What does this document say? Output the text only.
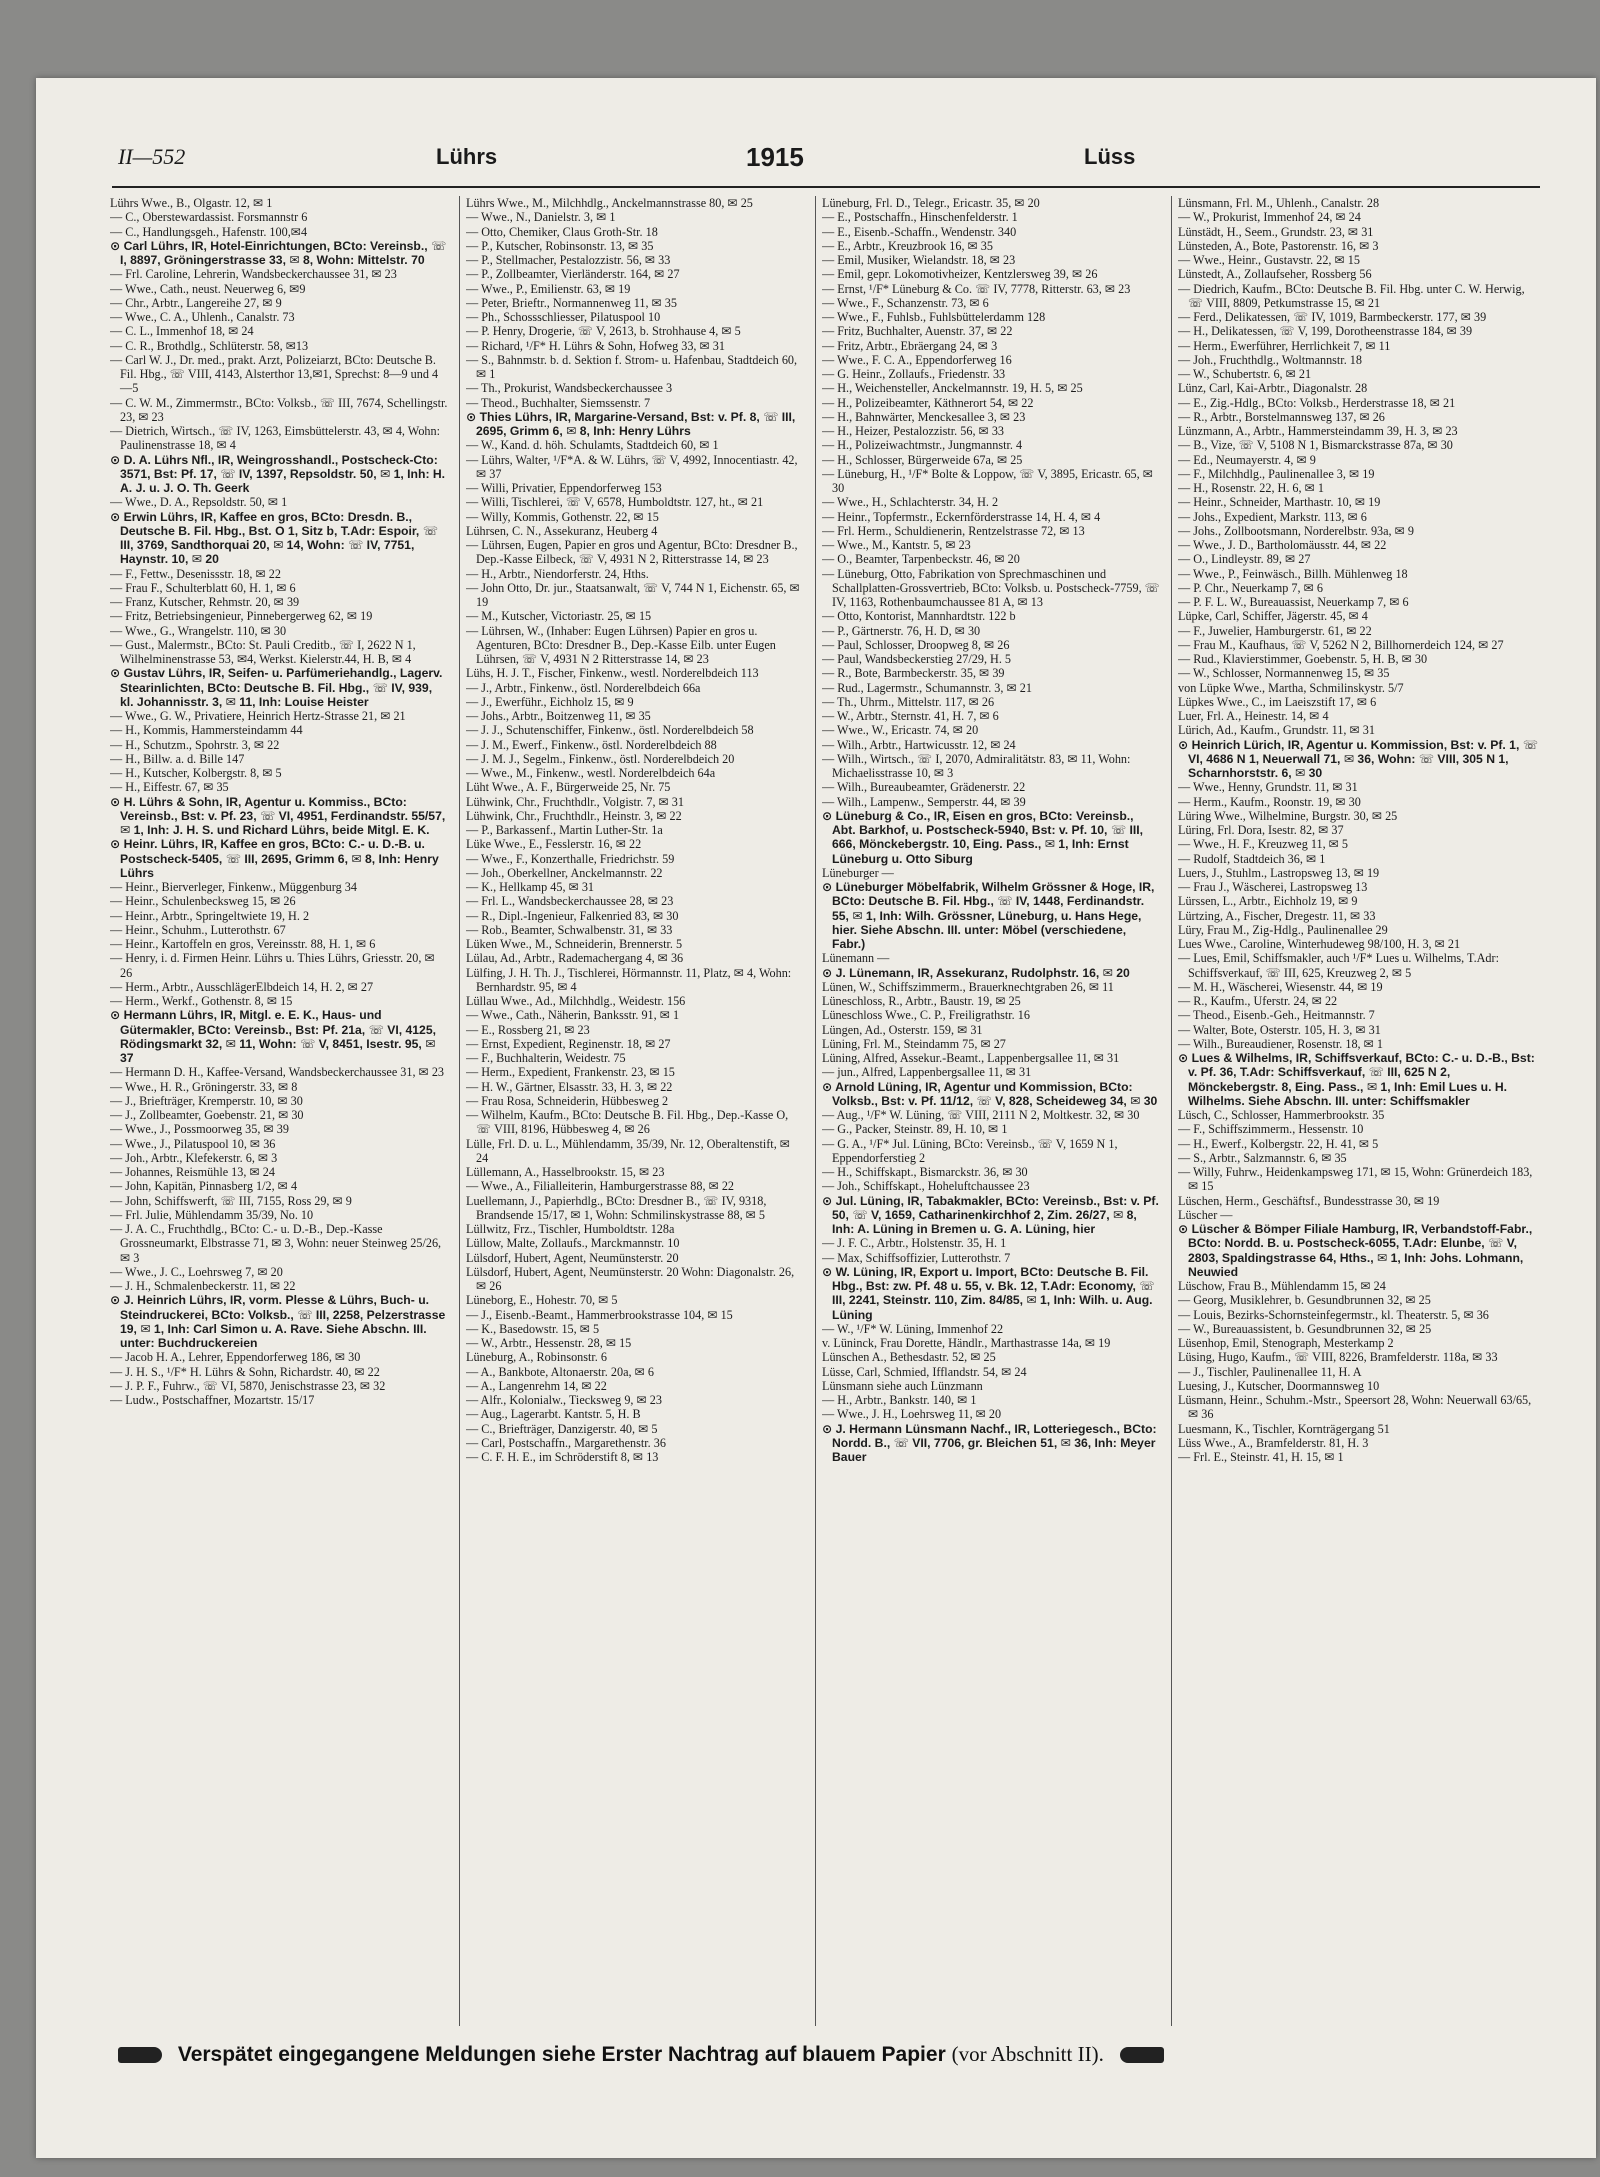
II—552	Lührs	1915	Lüss

Lührs Wwe., B., Olgastr. 12, ✉ 1

— C., Oberstewardassist. Forsmannstr 6

— C., Handlungsgeh., Hafenstr. 100,✉4

⊙ Carl Lührs, IR, Hotel-Einrichtungen, BCto: Vereinsb., ☏ I, 8897, Gröningerstrasse 33, ✉ 8, Wohn: Mittelstr. 70

— Frl. Caroline, Lehrerin, Wandsbeckerchaussee 31, ✉ 23

— Wwe., Cath., neust. Neuerweg 6, ✉9

— Chr., Arbtr., Langereihe 27, ✉ 9

— Wwe., C. A., Uhlenh., Canalstr. 73

— C. L., Immenhof 18, ✉ 24

— C. R., Brothdlg., Schlüterstr. 58, ✉13

— Carl W. J., Dr. med., prakt. Arzt, Polizeiarzt, BCto: Deutsche B. Fil. Hbg., ☏ VIII, 4143, Alsterthor 13,✉1, Sprechst: 8—9 und 4—5

— C. W. M., Zimmermstr., BCto: Volksb., ☏ III, 7674, Schellingstr. 23, ✉ 23

— Dietrich, Wirtsch., ☏ IV, 1263, Eimsbüttelerstr. 43, ✉ 4, Wohn: Paulinenstrasse 18, ✉ 4

⊙ D. A. Lührs Nfl., IR, Weingrosshandl., Postscheck-Cto: 3571, Bst: Pf. 17, ☏ IV, 1397, Repsoldstr. 50, ✉ 1, Inh: H. A. J. u. J. O. Th. Geerk

— Wwe., D. A., Repsoldstr. 50, ✉ 1

⊙ Erwin Lührs, IR, Kaffee en gros, BCto: Dresdn. B., Deutsche B. Fil. Hbg., Bst. O 1, Sitz b, T.Adr: Espoir, ☏ III, 3769, Sandthorquai 20, ✉ 14, Wohn: ☏ IV, 7751, Haynstr. 10, ✉ 20

— F., Fettw., Desenissstr. 18, ✉ 22

— Frau F., Schulterblatt 60, H. 1, ✉ 6

— Franz, Kutscher, Rehmstr. 20, ✉ 39

— Fritz, Betriebsingenieur, Pinnebergerweg 62, ✉ 19

— Wwe., G., Wrangelstr. 110, ✉ 30

— Gust., Malermstr., BCto: St. Pauli Creditb., ☏ I, 2622 N 1, Wilhelminenstrasse 53, ✉4, Werkst. Kielerstr.44, H. B, ✉ 4

⊙ Gustav Lührs, IR, Seifen- u. Parfümeriehandlg., Lagerv. Stearinlichten, BCto: Deutsche B. Fil. Hbg., ☏ IV, 939, kl. Johannisstr. 3, ✉ 11, Inh: Louise Heister

— Wwe., G. W., Privatiere, Heinrich Hertz-Strasse 21, ✉ 21

— H., Kommis, Hammersteindamm 44

— H., Schutzm., Spohrstr. 3, ✉ 22

— H., Billw. a. d. Bille 147

— H., Kutscher, Kolbergstr. 8, ✉ 5

— H., Eiffestr. 67, ✉ 35

⊙ H. Lührs & Sohn, IR, Agentur u. Kommiss., BCto: Vereinsb., Bst: v. Pf. 23, ☏ VI, 4951, Ferdinandstr. 55/57, ✉ 1, Inh: J. H. S. und Richard Lührs, beide Mitgl. E. K.

⊙ Heinr. Lührs, IR, Kaffee en gros, BCto: C.- u. D.-B. u. Postscheck-5405, ☏ III, 2695, Grimm 6, ✉ 8, Inh: Henry Lührs

— Heinr., Bierverleger, Finkenw., Müggenburg 34

— Heinr., Schulenbecksweg 15, ✉ 26

— Heinr., Arbtr., Springeltwiete 19, H. 2

— Heinr., Schuhm., Lutterothstr. 67

— Heinr., Kartoffeln en gros, Vereinsstr. 88, H. 1, ✉ 6

— Henry, i. d. Firmen Heinr. Lührs u. Thies Lührs, Griesstr. 20, ✉ 26

— Herm., Arbtr., AusschlägerElbdeich 14, H. 2, ✉ 27

— Herm., Werkf., Gothenstr. 8, ✉ 15

⊙ Hermann Lührs, IR, Mitgl. e. E. K., Haus- und Gütermakler, BCto: Vereinsb., Bst: Pf. 21a, ☏ VI, 4125, Rödingsmarkt 32, ✉ 11, Wohn: ☏ V, 8451, Isestr. 95, ✉ 37

— Hermann D. H., Kaffee-Versand, Wandsbeckerchaussee 31, ✉ 23

— Wwe., H. R., Gröningerstr. 33, ✉ 8

— J., Briefträger, Kremperstr. 10, ✉ 30

— J., Zollbeamter, Goebenstr. 21, ✉ 30

— Wwe., J., Possmoorweg 35, ✉ 39

— Wwe., J., Pilatuspool 10, ✉ 36

— Joh., Arbtr., Klefekerstr. 6, ✉ 3

— Johannes, Reismühle 13, ✉ 24

— John, Kapitän, Pinnasberg 1/2, ✉ 4

— John, Schiffswerft, ☏ III, 7155, Ross 29, ✉ 9

— Frl. Julie, Mühlendamm 35/39, No. 10

— J. A. C., Fruchthdlg., BCto: C.- u. D.-B., Dep.-Kasse Grossneumarkt, Elbstrasse 71, ✉ 3, Wohn: neuer Steinweg 25/26, ✉ 3

— Wwe., J. C., Loehrsweg 7, ✉ 20

— J. H., Schmalenbeckerstr. 11, ✉ 22

⊙ J. Heinrich Lührs, IR, vorm. Plesse & Lührs, Buch- u. Steindruckerei, BCto: Volksb., ☏ III, 2258, Pelzerstrasse 19, ✉ 1, Inh: Carl Simon u. A. Rave. Siehe Abschn. III. unter: Buchdruckereien

— Jacob H. A., Lehrer, Eppendorferweg 186, ✉ 30

— J. H. S., ¹/F* H. Lührs & Sohn, Richardstr. 40, ✉ 22

— J. P. F., Fuhrw., ☏ VI, 5870, Jenischstrasse 23, ✉ 32

— Ludw., Postschaffner, Mozartstr. 15/17

Lührs Wwe., M., Milchhdlg., Anckelmannstrasse 80, ✉ 25

— Wwe., N., Danielstr. 3, ✉ 1

— Otto, Chemiker, Claus Groth-Str. 18

— P., Kutscher, Robinsonstr. 13, ✉ 35

— P., Stellmacher, Pestalozzistr. 56, ✉ 33

— P., Zollbeamter, Vierländerstr. 164, ✉ 27

— Wwe., P., Emilienstr. 63, ✉ 19

— Peter, Brieftr., Normannenweg 11, ✉ 35

— Ph., Schossschliesser, Pilatuspool 10

— P. Henry, Drogerie, ☏ V, 2613, b. Strohhause 4, ✉ 5

— Richard, ¹/F* H. Lührs & Sohn, Hofweg 33, ✉ 31

— S., Bahnmstr. b. d. Sektion f. Strom- u. Hafenbau, Stadtdeich 60, ✉ 1

— Th., Prokurist, Wandsbeckerchaussee 3

— Theod., Buchhalter, Siemssenstr. 7

⊙ Thies Lührs, IR, Margarine-Versand, Bst: v. Pf. 8, ☏ III, 2695, Grimm 6, ✉ 8, Inh: Henry Lührs

— W., Kand. d. höh. Schulamts, Stadtdeich 60, ✉ 1

— Lührs, Walter, ¹/F*A. & W. Lührs, ☏ V, 4992, Innocentiastr. 42, ✉ 37

— Willi, Privatier, Eppendorferweg 153

— Willi, Tischlerei, ☏ V, 6578, Humboldtstr. 127, ht., ✉ 21

— Willy, Kommis, Gothenstr. 22, ✉ 15

Lührsen, C. N., Assekuranz, Heuberg 4

— Lührsen, Eugen, Papier en gros und Agentur, BCto: Dresdner B., Dep.-Kasse Eilbeck, ☏ V, 4931 N 2, Ritterstrasse 14, ✉ 23

— H., Arbtr., Niendorferstr. 24, Hths.

— John Otto, Dr. jur., Staatsanwalt, ☏ V, 744 N 1, Eichenstr. 65, ✉ 19

— M., Kutscher, Victoriastr. 25, ✉ 15

— Lührsen, W., (Inhaber: Eugen Lührsen) Papier en gros u. Agenturen, BCto: Dresdner B., Dep.-Kasse Eilb. unter Eugen Lührsen, ☏ V, 4931 N 2 Ritterstrasse 14, ✉ 23

Lühs, H. J. T., Fischer, Finkenw., westl. Norderelbdeich 113

— J., Arbtr., Finkenw., östl. Norderelbdeich 66a

— J., Ewerführ., Eichholz 15, ✉ 9

— Johs., Arbtr., Boitzenweg 11, ✉ 35

— J. J., Schutenschiffer, Finkenw., östl. Norderelbdeich 58

— J. M., Ewerf., Finkenw., östl. Norderelbdeich 88

— J. M. J., Segelm., Finkenw., östl. Norderelbdeich 20

— Wwe., M., Finkenw., westl. Norderelbdeich 64a

Lüht Wwe., A. F., Bürgerweide 25, Nr. 75

Lühwink, Chr., Fruchthdlr., Volgistr. 7, ✉ 31

Lühwink, Chr., Fruchthdlr., Heinstr. 3, ✉ 22

— P., Barkassenf., Martin Luther-Str. 1a

Lüke Wwe., E., Fesslerstr. 16, ✉ 22

— Wwe., F., Konzerthalle, Friedrichstr. 59

— Joh., Oberkellner, Anckelmannstr. 22

— K., Hellkamp 45, ✉ 31

— Frl. L., Wandsbeckerchaussee 28, ✉ 23

— R., Dipl.-Ingenieur, Falkenried 83, ✉ 30

— Rob., Beamter, Schwalbenstr. 31, ✉ 33

Lüken Wwe., M., Schneiderin, Brennerstr. 5

Lülau, Ad., Arbtr., Rademachergang 4, ✉ 36

Lülfing, J. H. Th. J., Tischlerei, Hörmannstr. 11, Platz, ✉ 4, Wohn: Bernhardstr. 95, ✉ 4

Lüllau Wwe., Ad., Milchhdlg., Weidestr. 156

— Wwe., Cath., Näherin, Banksstr. 91, ✉ 1

— E., Rossberg 21, ✉ 23

— Ernst, Expedient, Reginenstr. 18, ✉ 27

— F., Buchhalterin, Weidestr. 75

— Herm., Expedient, Frankenstr. 23, ✉ 15

— H. W., Gärtner, Elsasstr. 33, H. 3, ✉ 22

— Frau Rosa, Schneiderin, Hübbesweg 2

— Wilhelm, Kaufm., BCto: Deutsche B. Fil. Hbg., Dep.-Kasse O, ☏ VIII, 8196, Hübbesweg 4, ✉ 26

Lülle, Frl. D. u. L., Mühlendamm, 35/39, Nr. 12, Oberaltenstift, ✉ 24

Lüllemann, A., Hasselbrookstr. 15, ✉ 23

— Wwe., A., Filialleiterin, Hamburgerstrasse 88, ✉ 22

Luellemann, J., Papierhdlg., BCto: Dresdner B., ☏ IV, 9318, Brandsende 15/17, ✉ 1, Wohn: Schmilinskystrasse 88, ✉ 5

Lüllwitz, Frz., Tischler, Humboldtstr. 128a

Lüllow, Malte, Zollaufs., Marckmannstr. 10

Lülsdorf, Hubert, Agent, Neumünsterstr. 20

Lülsdorf, Hubert, Agent, Neumünsterstr. 20 Wohn: Diagonalstr. 26, ✉ 26

Lüneborg, E., Hohestr. 70, ✉ 5

— J., Eisenb.-Beamt., Hammerbrookstrasse 104, ✉ 15

— K., Basedowstr. 15, ✉ 5

— W., Arbtr., Hessenstr. 28, ✉ 15

Lüneburg, A., Robinsonstr. 6

— A., Bankbote, Altonaerstr. 20a, ✉ 6

— A., Langenrehm 14, ✉ 22

— Alfr., Kolonialw., Tiecksweg 9, ✉ 23

— Aug., Lagerarbt. Kantstr. 5, H. B

— C., Briefträger, Danzigerstr. 40, ✉ 5

— Carl, Postschaffn., Margarethenstr. 36

— C. F. H. E., im Schröderstift 8, ✉ 13

Lüneburg, Frl. D., Telegr., Ericastr. 35, ✉ 20

— E., Postschaffn., Hinschenfelderstr. 1

— E., Eisenb.-Schaffn., Wendenstr. 340

— E., Arbtr., Kreuzbrook 16, ✉ 35

— Emil, Musiker, Wielandstr. 18, ✉ 23

— Emil, gepr. Lokomotivheizer, Kentzlersweg 39, ✉ 26

— Ernst, ¹/F* Lüneburg & Co. ☏ IV, 7778, Ritterstr. 63, ✉ 23

— Wwe., F., Schanzenstr. 73, ✉ 6

— Wwe., F., Fuhlsb., Fuhlsbüttelerdamm 128

— Fritz, Buchhalter, Auenstr. 37, ✉ 22

— Fritz, Arbtr., Ebräergang 24, ✉ 3

— Wwe., F. C. A., Eppendorferweg 16

— G. Heinr., Zollaufs., Friedenstr. 33

— H., Weichensteller, Anckelmannstr. 19, H. 5, ✉ 25

— H., Polizeibeamter, Käthnerort 54, ✉ 22

— H., Bahnwärter, Menckesallee 3, ✉ 23

— H., Heizer, Pestalozzistr. 56, ✉ 33

— H., Polizeiwachtmstr., Jungmannstr. 4

— H., Schlosser, Bürgerweide 67a, ✉ 25

— Lüneburg, H., ¹/F* Bolte & Loppow, ☏ V, 3895, Ericastr. 65, ✉ 30

— Wwe., H., Schlachterstr. 34, H. 2

— Heinr., Topfermstr., Eckernförderstrasse 14, H. 4, ✉ 4

— Frl. Herm., Schuldienerin, Rentzelstrasse 72, ✉ 13

— Wwe., M., Kantstr. 5, ✉ 23

— O., Beamter, Tarpenbeckstr. 46, ✉ 20

— Lüneburg, Otto, Fabrikation von Sprechmaschinen und Schallplatten-Grossvertrieb, BCto: Volksb. u. Postscheck-7759, ☏ IV, 1163, Rothenbaumchaussee 81 A, ✉ 13

— Otto, Kontorist, Mannhardtstr. 122 b

— P., Gärtnerstr. 76, H. D, ✉ 30

— Paul, Schlosser, Droopweg 8, ✉ 26

— Paul, Wandsbeckerstieg 27/29, H. 5

— R., Bote, Barmbeckerstr. 35, ✉ 39

— Rud., Lagermstr., Schumannstr. 3, ✉ 21

— Th., Uhrm., Mittelstr. 117, ✉ 26

— W., Arbtr., Sternstr. 41, H. 7, ✉ 6

— Wwe., W., Ericastr. 74, ✉ 20

— Wilh., Arbtr., Hartwicusstr. 12, ✉ 24

— Wilh., Wirtsch., ☏ I, 2070, Admiralitätstr. 83, ✉ 11, Wohn: Michaelisstrasse 10, ✉ 3

— Wilh., Bureaubeamter, Grädenerstr. 22

— Wilh., Lampenw., Semperstr. 44, ✉ 39

⊙ Lüneburg & Co., IR, Eisen en gros, BCto: Vereinsb., Abt. Barkhof, u. Postscheck-5940, Bst: v. Pf. 10, ☏ III, 666, Mönckebergstr. 10, Eing. Pass., ✉ 1, Inh: Ernst Lüneburg u. Otto Siburg

Lüneburger —

⊙ Lüneburger Möbelfabrik, Wilhelm Grössner & Hoge, IR, BCto: Deutsche B. Fil. Hbg., ☏ IV, 1448, Ferdinandstr. 55, ✉ 1, Inh: Wilh. Grössner, Lüneburg, u. Hans Hege, hier. Siehe Abschn. III. unter: Möbel (verschiedene, Fabr.)

Lünemann —

⊙ J. Lünemann, IR, Assekuranz, Rudolphstr. 16, ✉ 20

Lünen, W., Schiffszimmerm., Brauerknechtgraben 26, ✉ 11

Lüneschloss, R., Arbtr., Baustr. 19, ✉ 25

Lüneschloss Wwe., C. P., Freiligrathstr. 16

Lüngen, Ad., Osterstr. 159, ✉ 31

Lüning, Frl. M., Steindamm 75, ✉ 27

Lüning, Alfred, Assekur.-Beamt., Lappenbergsallee 11, ✉ 31

— jun., Alfred, Lappenbergsallee 11, ✉ 31

⊙ Arnold Lüning, IR, Agentur und Kommission, BCto: Volksb., Bst: v. Pf. 11/12, ☏ V, 828, Scheideweg 34, ✉ 30

— Aug., ¹/F* W. Lüning, ☏ VIII, 2111 N 2, Moltkestr. 32, ✉ 30

— G., Packer, Steinstr. 89, H. 10, ✉ 1

— G. A., ¹/F* Jul. Lüning, BCto: Vereinsb., ☏ V, 1659 N 1, Eppendorferstieg 2

— H., Schiffskapt., Bismarckstr. 36, ✉ 30

— Joh., Schiffskapt., Hoheluftchaussee 23

⊙ Jul. Lüning, IR, Tabakmakler, BCto: Vereinsb., Bst: v. Pf. 50, ☏ V, 1659, Catharinenkirchhof 2, Zim. 26/27, ✉ 8, Inh: A. Lüning in Bremen u. G. A. Lüning, hier

— J. F. C., Arbtr., Holstenstr. 35, H. 1

— Max, Schiffsoffizier, Lutterothstr. 7

⊙ W. Lüning, IR, Export u. Import, BCto: Deutsche B. Fil. Hbg., Bst: zw. Pf. 48 u. 55, v. Bk. 12, T.Adr: Economy, ☏ III, 2241, Steinstr. 110, Zim. 84/85, ✉ 1, Inh: Wilh. u. Aug. Lüning

— W., ¹/F* W. Lüning, Immenhof 22

v. Lüninck, Frau Dorette, Händlr., Marthastrasse 14a, ✉ 19

Lünschen A., Bethesdastr. 52, ✉ 25

Lüsse, Carl, Schmied, Ifflandstr. 54, ✉ 24

Lünsmann siehe auch Lünzmann

— H., Arbtr., Bankstr. 140, ✉ 1

— Wwe., J. H., Loehrsweg 11, ✉ 20

⊙ J. Hermann Lünsmann Nachf., IR, Lotteriegesch., BCto: Nordd. B., ☏ VII, 7706, gr. Bleichen 51, ✉ 36, Inh: Meyer Bauer

Lünsmann, Frl. M., Uhlenh., Canalstr. 28

— W., Prokurist, Immenhof 24, ✉ 24

Lünstädt, H., Seem., Grundstr. 23, ✉ 31

Lünsteden, A., Bote, Pastorenstr. 16, ✉ 3

— Wwe., Heinr., Gustavstr. 22, ✉ 15

Lünstedt, A., Zollaufseher, Rossberg 56

— Diedrich, Kaufm., BCto: Deutsche B. Fil. Hbg. unter C. W. Herwig, ☏ VIII, 8809, Petkumstrasse 15, ✉ 21

— Ferd., Delikatessen, ☏ IV, 1019, Barmbeckerstr. 177, ✉ 39

— H., Delikatessen, ☏ V, 199, Dorotheenstrasse 184, ✉ 39

— Herm., Ewerführer, Herrlichkeit 7, ✉ 11

— Joh., Fruchthdlg., Woltmannstr. 18

— W., Schubertstr. 6, ✉ 21

Lünz, Carl, Kai-Arbtr., Diagonalstr. 28

— E., Zig.-Hdlg., BCto: Volksb., Herderstrasse 18, ✉ 21

— R., Arbtr., Borstelmannsweg 137, ✉ 26

Lünzmann, A., Arbtr., Hammersteindamm 39, H. 3, ✉ 23

— B., Vize, ☏ V, 5108 N 1, Bismarckstrasse 87a, ✉ 30

— Ed., Neumayerstr. 4, ✉ 9

— F., Milchhdlg., Paulinenallee 3, ✉ 19

— H., Rosenstr. 22, H. 6, ✉ 1

— Heinr., Schneider, Marthastr. 10, ✉ 19

— Johs., Expedient, Markstr. 113, ✉ 6

— Johs., Zollbootsmann, Norderelbstr. 93a, ✉ 9

— Wwe., J. D., Bartholomäusstr. 44, ✉ 22

— O., Lindleystr. 89, ✉ 27

— Wwe., P., Feinwäsch., Billh. Mühlenweg 18

— P. Chr., Neuerkamp 7, ✉ 6

— P. F. L. W., Bureauassist, Neuerkamp 7, ✉ 6

Lüpke, Carl, Schiffer, Jägerstr. 45, ✉ 4

— F., Juwelier, Hamburgerstr. 61, ✉ 22

— Frau M., Kaufhaus, ☏ V, 5262 N 2, Billhornerdeich 124, ✉ 27

— Rud., Klavierstimmer, Goebenstr. 5, H. B, ✉ 30

— W., Schlosser, Normannenweg 15, ✉ 35

von Lüpke Wwe., Martha, Schmilinskystr. 5/7

Lüpkes Wwe., C., im Laeiszstift 17, ✉ 6

Luer, Frl. A., Heinestr. 14, ✉ 4

Lürich, Ad., Kaufm., Grundstr. 11, ✉ 31

⊙ Heinrich Lürich, IR, Agentur u. Kommission, Bst: v. Pf. 1, ☏ VI, 4686 N 1, Neuerwall 71, ✉ 36, Wohn: ☏ VIII, 305 N 1, Scharnhorststr. 6, ✉ 30

— Wwe., Henny, Grundstr. 11, ✉ 31

— Herm., Kaufm., Roonstr. 19, ✉ 30

Lüring Wwe., Wilhelmine, Burgstr. 30, ✉ 25

Lüring, Frl. Dora, Isestr. 82, ✉ 37

— Wwe., H. F., Kreuzweg 11, ✉ 5

— Rudolf, Stadtdeich 36, ✉ 1

Luers, J., Stuhlm., Lastropsweg 13, ✉ 19

— Frau J., Wäscherei, Lastropsweg 13

Lürssen, L., Arbtr., Eichholz 19, ✉ 9

Lürtzing, A., Fischer, Dregestr. 11, ✉ 33

Lüry, Frau M., Zig-Hdlg., Paulinenallee 29

Lues Wwe., Caroline, Winterhudeweg 98/100, H. 3, ✉ 21

— Lues, Emil, Schiffsmakler, auch ¹/F* Lues u. Wilhelms, T.Adr: Schiffsverkauf, ☏ III, 625, Kreuzweg 2, ✉ 5

— M. H., Wäscherei, Wiesenstr. 44, ✉ 19

— R., Kaufm., Uferstr. 24, ✉ 22

— Theod., Eisenb.-Geh., Heitmannstr. 7

— Walter, Bote, Osterstr. 105, H. 3, ✉ 31

— Wilh., Bureaudiener, Rosenstr. 18, ✉ 1

⊙ Lues & Wilhelms, IR, Schiffsverkauf, BCto: C.- u. D.-B., Bst: v. Pf. 36, T.Adr: Schiffsverkauf, ☏ III, 625 N 2, Mönckebergstr. 8, Eing. Pass., ✉ 1, Inh: Emil Lues u. H. Wilhelms. Siehe Abschn. III. unter: Schiffsmakler

Lüsch, C., Schlosser, Hammerbrookstr. 35

— F., Schiffszimmerm., Hessenstr. 10

— H., Ewerf., Kolbergstr. 22, H. 41, ✉ 5

— S., Arbtr., Salzmannstr. 6, ✉ 35

— Willy, Fuhrw., Heidenkampsweg 171, ✉ 15, Wohn: Grünerdeich 183, ✉ 15

Lüschen, Herm., Geschäftsf., Bundesstrasse 30, ✉ 19

Lüscher —

⊙ Lüscher & Bömper Filiale Hamburg, IR, Verbandstoff-Fabr., BCto: Nordd. B. u. Postscheck-6055, T.Adr: Elunbe, ☏ V, 2803, Spaldingstrasse 64, Hths., ✉ 1, Inh: Johs. Lohmann, Neuwied

Lüschow, Frau B., Mühlendamm 15, ✉ 24

— Georg, Musiklehrer, b. Gesundbrunnen 32, ✉ 25

— Louis, Bezirks-Schornsteinfegermstr., kl. Theaterstr. 5, ✉ 36

— W., Bureauassistent, b. Gesundbrunnen 32, ✉ 25

Lüsenhop, Emil, Stenograph, Mesterkamp 2

Lüsing, Hugo, Kaufm., ☏ VIII, 8226, Bramfelderstr. 118a, ✉ 33

— J., Tischler, Paulinenallee 11, H. A

Luesing, J., Kutscher, Doormannsweg 10

Lüsmann, Heinr., Schuhm.-Mstr., Speersort 28, Wohn: Neuerwall 63/65, ✉ 36

Luesmann, K., Tischler, Kornträgergang 51

Lüss Wwe., A., Bramfelderstr. 81, H. 3

— Frl. E., Steinstr. 41, H. 15, ✉ 1

Verspätet eingegangene Meldungen siehe Erster Nachtrag auf blauem Papier (vor Abschnitt II).
